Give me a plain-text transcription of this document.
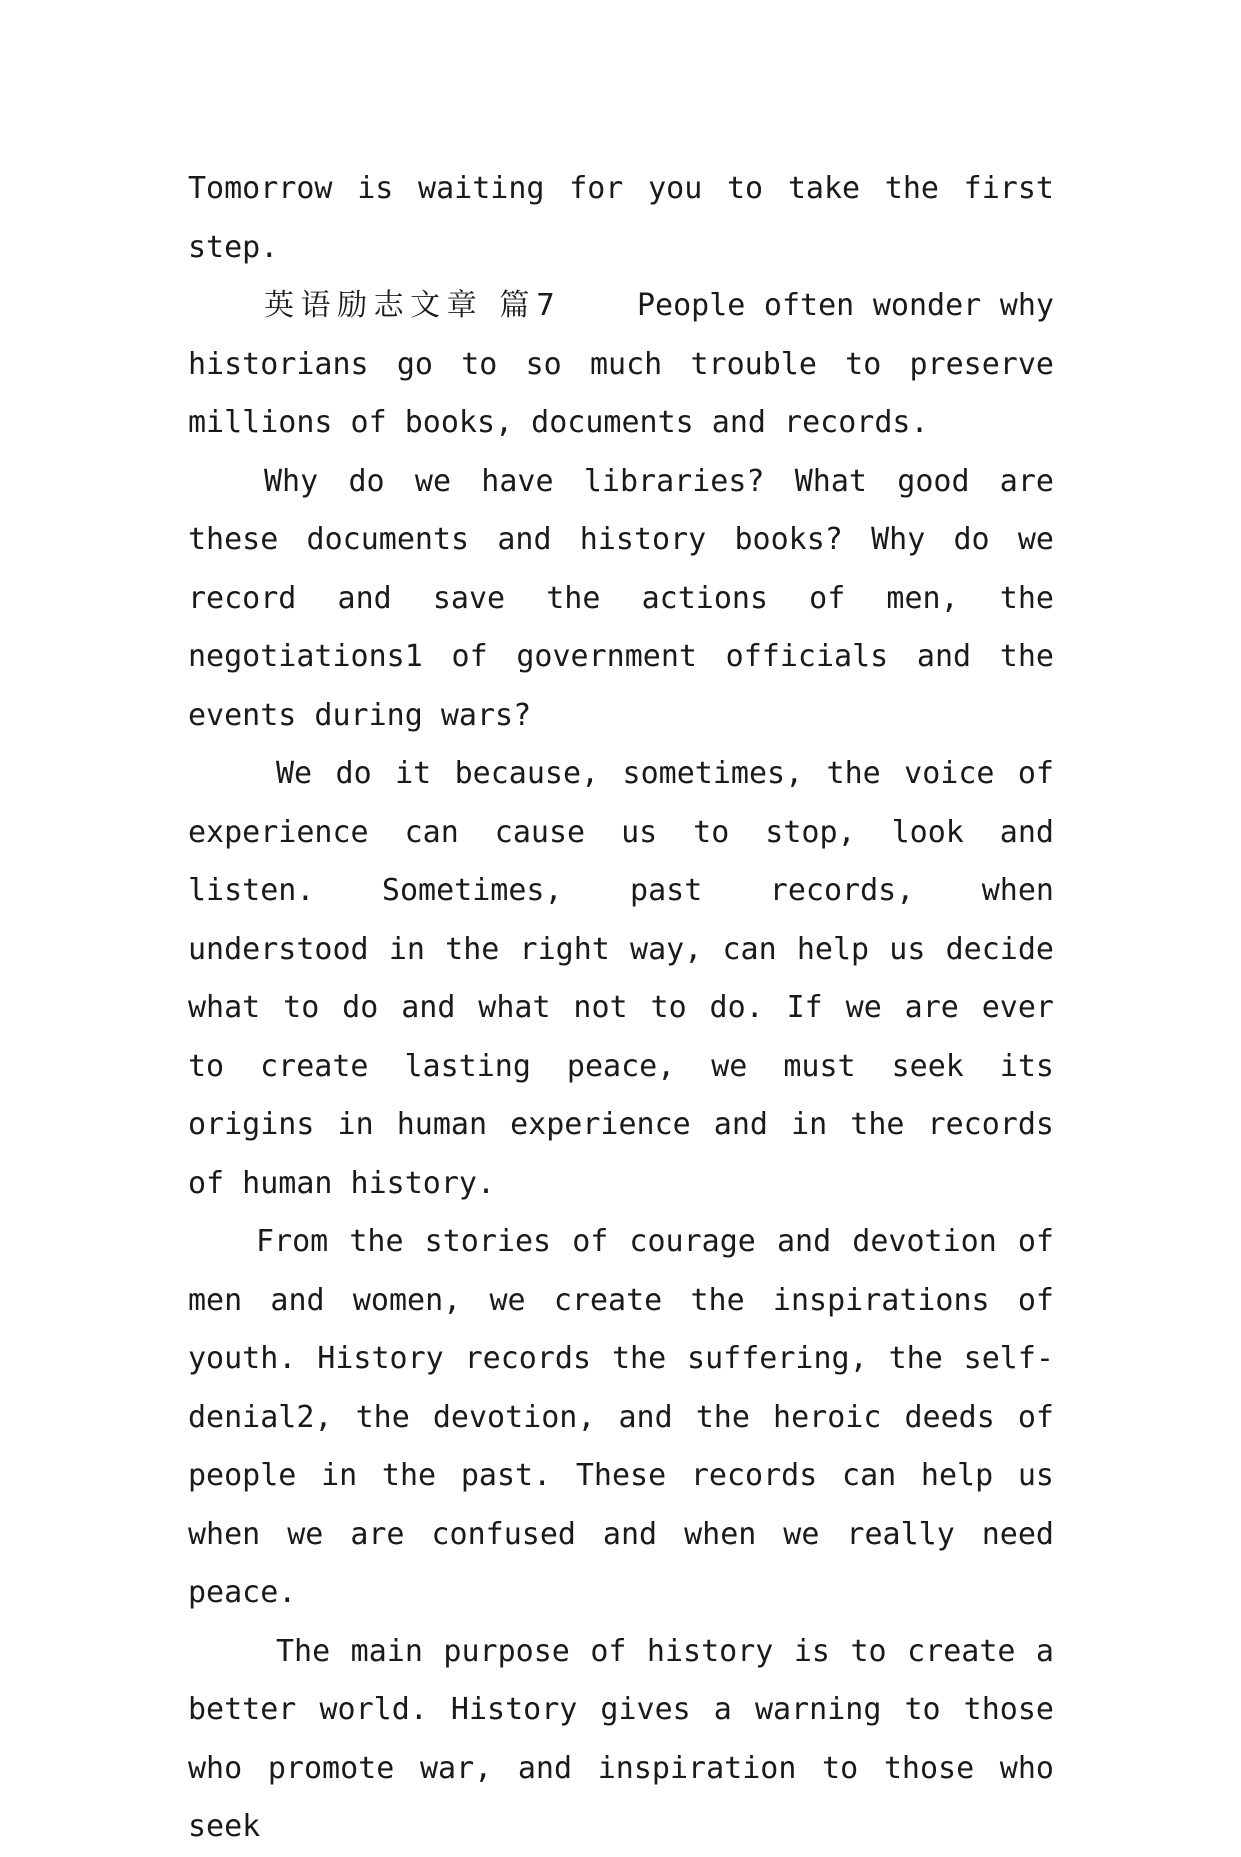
Tomorrow is waiting for you to take the first step.

英语励志文章 篇7	People often wonder why historians go to so much trouble to preserve millions of books, documents and records.

Why do we have libraries? What good are these documents and history books? Why do we record and save the actions of men, the negotiations1 of government officials and the events during wars?

We do it because, sometimes, the voice of experience can cause us to stop, look and listen. Sometimes, past records, when understood in the right way, can help us decide what to do and what not to do. If we are ever to create lasting peace, we must seek its origins in human experience and in the records of human history.

From the stories of courage and devotion of men and women, we create the inspirations of youth. History records the suffering, the self-denial2, the devotion, and the heroic deeds of people in the past. These records can help us when we are confused and when we really need peace.

The main purpose of history is to create a better world. History gives a warning to those who promote war, and inspiration to those who seek
